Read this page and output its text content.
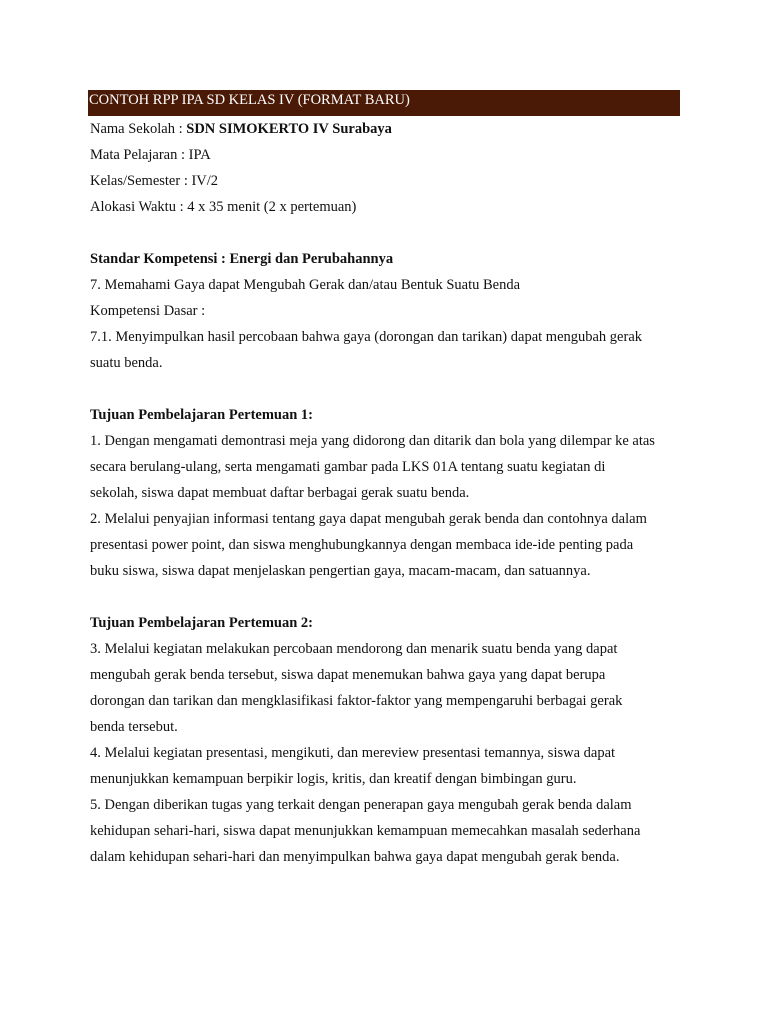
CONTOH RPP IPA SD KELAS IV (FORMAT BARU)
Nama Sekolah : SDN SIMOKERTO IV Surabaya
Mata Pelajaran : IPA
Kelas/Semester : IV/2
Alokasi Waktu : 4 x 35 menit (2 x pertemuan)
Standar Kompetensi : Energi dan Perubahannya
7. Memahami Gaya dapat Mengubah Gerak dan/atau Bentuk Suatu Benda
Kompetensi Dasar :
7.1. Menyimpulkan hasil percobaan bahwa gaya (dorongan dan tarikan) dapat mengubah gerak
suatu benda.
Tujuan Pembelajaran Pertemuan 1:
1. Dengan mengamati demontrasi meja yang didorong dan ditarik dan bola yang dilempar ke atas
secara berulang-ulang, serta mengamati gambar pada LKS 01A tentang suatu kegiatan di
sekolah, siswa dapat membuat daftar berbagai gerak suatu benda.
2. Melalui penyajian informasi tentang gaya dapat mengubah gerak benda dan contohnya dalam
presentasi power point, dan siswa menghubungkannya dengan membaca ide-ide penting pada
buku siswa, siswa dapat menjelaskan pengertian gaya, macam-macam, dan satuannya.
Tujuan Pembelajaran Pertemuan 2:
3. Melalui kegiatan melakukan percobaan mendorong dan menarik suatu benda yang dapat
mengubah gerak benda tersebut, siswa dapat menemukan bahwa gaya yang dapat berupa
dorongan dan tarikan dan mengklasifikasi faktor-faktor yang mempengaruhi berbagai gerak
benda tersebut.
4. Melalui kegiatan presentasi, mengikuti, dan mereview presentasi temannya, siswa dapat
menunjukkan kemampuan berpikir logis, kritis, dan kreatif dengan bimbingan guru.
5. Dengan diberikan tugas yang terkait dengan penerapan gaya mengubah gerak benda dalam
kehidupan sehari-hari, siswa dapat menunjukkan kemampuan memecahkan masalah sederhana
dalam kehidupan sehari-hari dan menyimpulkan bahwa gaya dapat mengubah gerak benda.
